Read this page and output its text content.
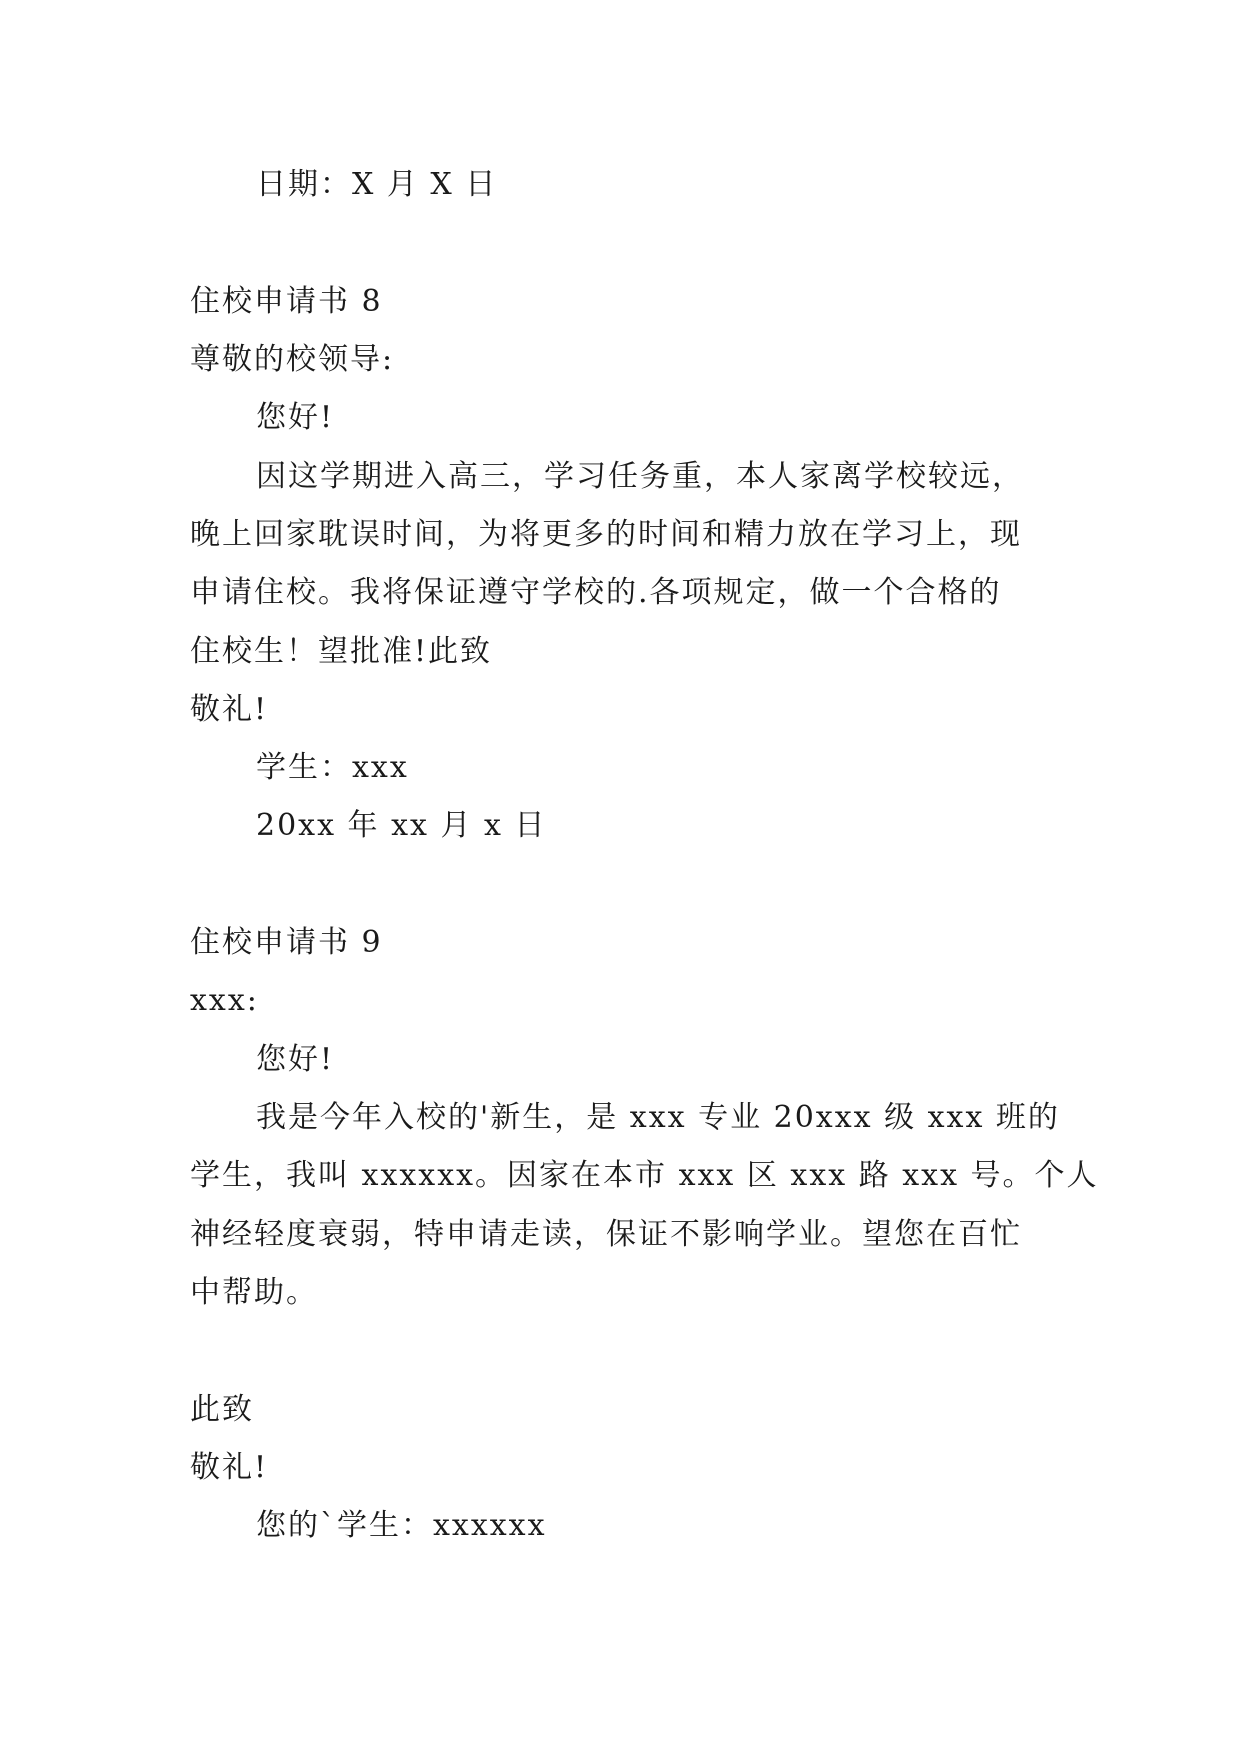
日期：X 月 X 日
住校申请书 8
尊敬的校领导:
您好!
因这学期进入高三，学习任务重，本人家离学校较远，
晚上回家耽误时间，为将更多的时间和精力放在学习上，现
申请住校。我将保证遵守学校的.各项规定，做一个合格的
住校生！望批准!此致
敬礼!
学生：xxx
20xx 年 xx 月 x 日
住校申请书 9
xxx:
您好!
我是今年入校的'新生，是 xxx 专业 20xxx 级 xxx 班的
学生，我叫 xxxxxx。因家在本市 xxx 区 xxx 路 xxx 号。个人
神经轻度衰弱，特申请走读，保证不影响学业。望您在百忙
中帮助。
此致
敬礼!
您的`学生：xxxxxx
